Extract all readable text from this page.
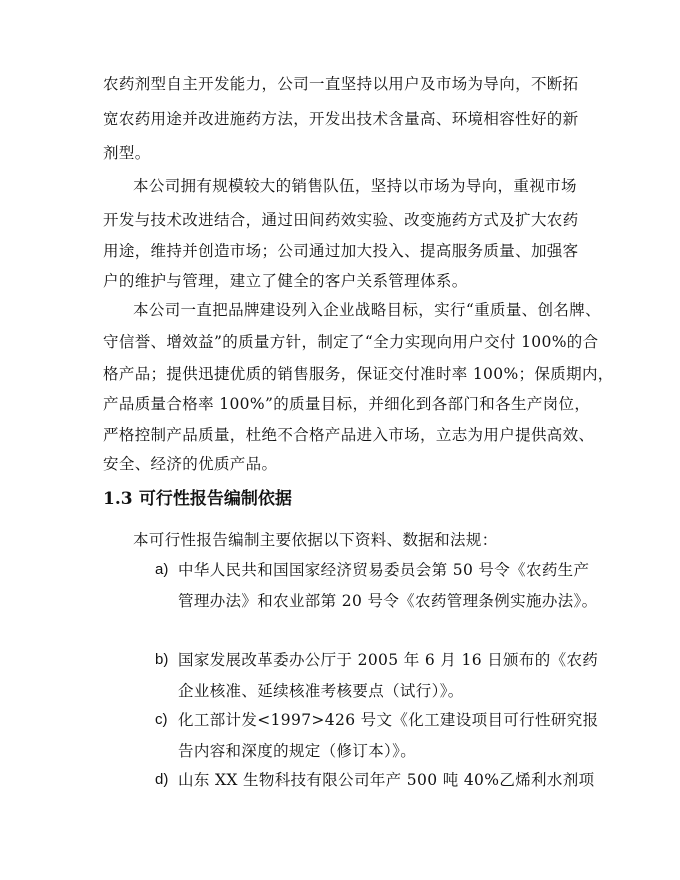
农药剂型自主开发能力，公司一直坚持以用户及市场为导向，不断拓
宽农药用途并改进施药方法，开发出技术含量高、环境相容性好的新
剂型。
本公司拥有规模较大的销售队伍，坚持以市场为导向，重视市场
开发与技术改进结合，通过田间药效实验、改变施药方式及扩大农药
用途，维持并创造市场；公司通过加大投入、提高服务质量、加强客
户的维护与管理，建立了健全的客户关系管理体系。
本公司一直把品牌建设列入企业战略目标，实行“重质量、创名牌、
守信誉、增效益”的质量方针，制定了“全力实现向用户交付 100%的合
格产品；提供迅捷优质的销售服务，保证交付准时率 100%；保质期内，
产品质量合格率 100%”的质量目标，并细化到各部门和各生产岗位，
严格控制产品质量，杜绝不合格产品进入市场，立志为用户提供高效、
安全、经济的优质产品。
1.3 可行性报告编制依据
本可行性报告编制主要依据以下资料、数据和法规：
a) 中华人民共和国国家经济贸易委员会第 50 号令《农药生产
管理办法》和农业部第 20 号令《农药管理条例实施办法》。
b) 国家发展改革委办公厅于 2005 年 6 月 16 日颁布的《农药
企业核准、延续核准考核要点（试行）》。
c) 化工部计发<1997>426 号文《化工建设项目可行性研究报
告内容和深度的规定（修订本）》。
d) 山东 XX 生物科技有限公司年产 500 吨 40%乙烯利水剂项
